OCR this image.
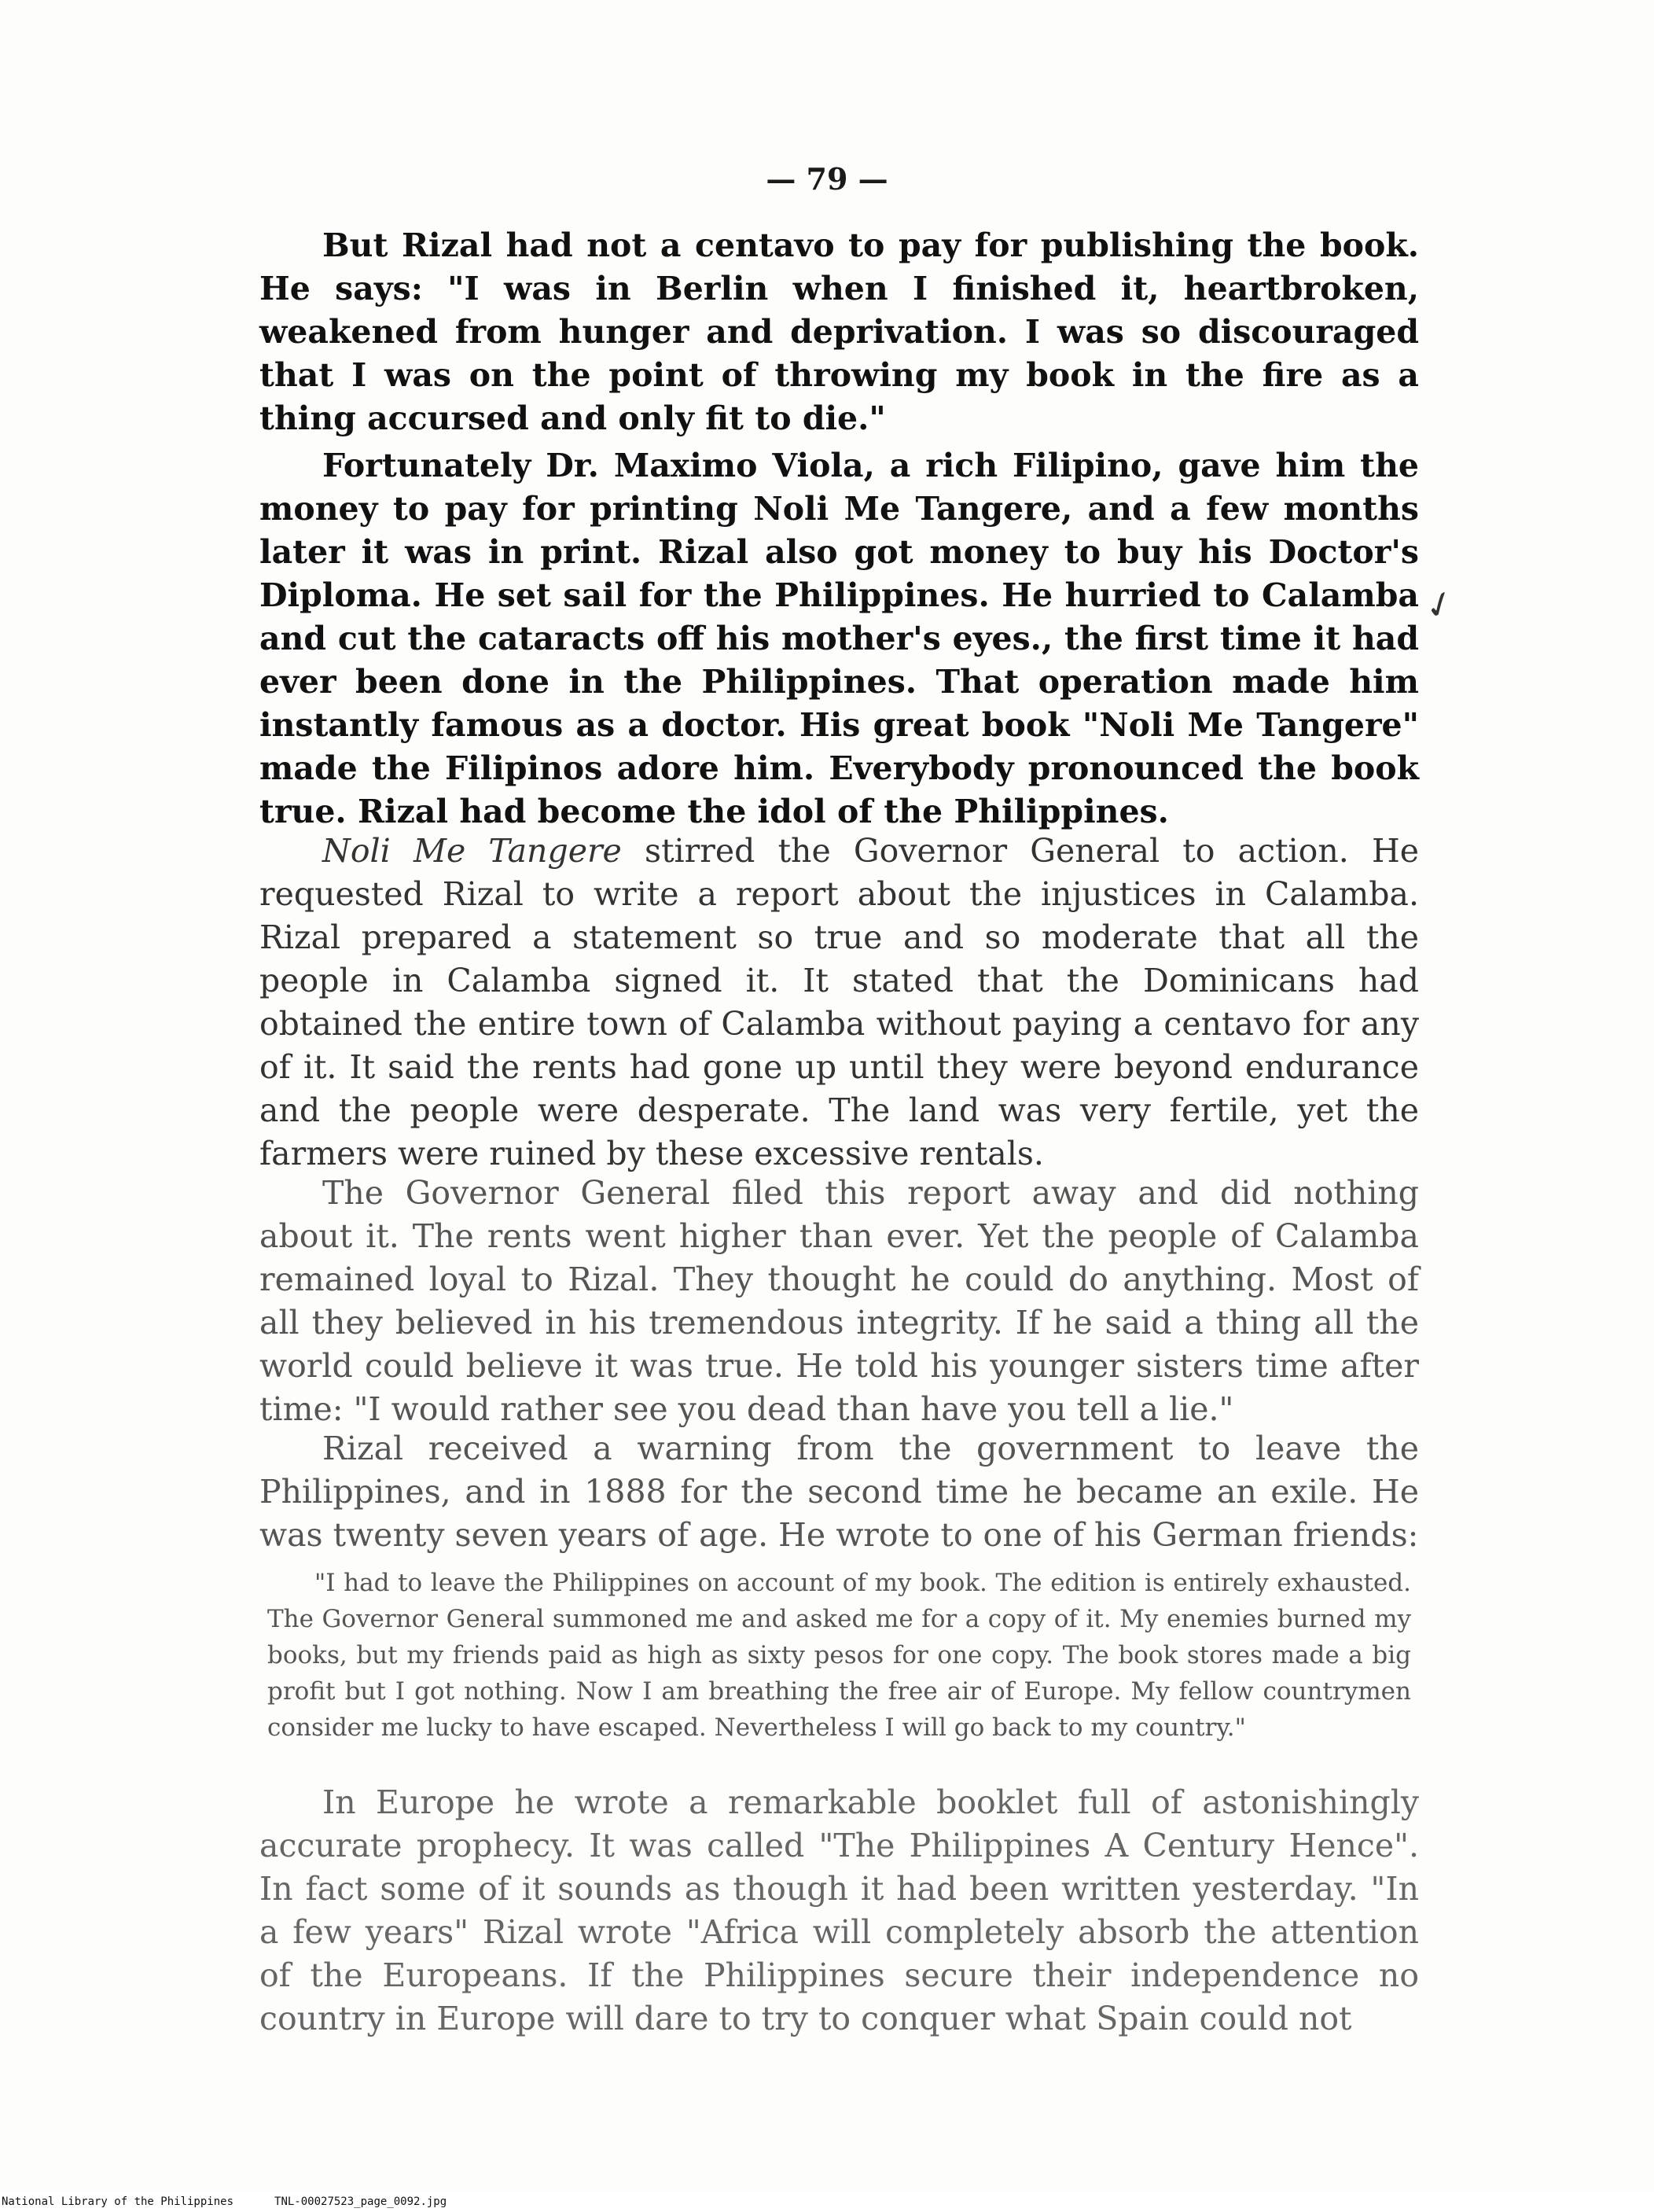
— 79 —

But Rizal had not a centavo to pay for publishing the book. He says: "I was in Berlin when I finished it, heartbroken, weakened from hunger and deprivation. I was so discouraged that I was on the point of throwing my book in the fire as a thing accursed and only fit to die."

Fortunately Dr. Maximo Viola, a rich Filipino, gave him the money to pay for printing Noli Me Tangere, and a few months later it was in print. Rizal also got money to buy his Doctor's Diploma. He set sail for the Philippines. He hurried to Calamba and cut the cataracts off his mother's eyes., the first time it had ever been done in the Philippines. That operation made him instantly famous as a doctor. His great book "Noli Me Tangere" made the Filipinos adore him. Everybody pronounced the book true. Rizal had become the idol of the Philippines.

✓

Noli Me Tangere stirred the Governor General to action. He requested Rizal to write a report about the injustices in Calamba. Rizal prepared a statement so true and so moderate that all the people in Calamba signed it. It stated that the Dominicans had obtained the entire town of Calamba without paying a centavo for any of it. It said the rents had gone up until they were beyond endurance and the people were desperate. The land was very fertile, yet the farmers were ruined by these excessive rentals.

The Governor General filed this report away and did nothing about it. The rents went higher than ever. Yet the people of Calamba remained loyal to Rizal. They thought he could do anything. Most of all they believed in his tremendous integrity. If he said a thing all the world could believe it was true. He told his younger sisters time after time: "I would rather see you dead than have you tell a lie."

Rizal received a warning from the government to leave the Philippines, and in 1888 for the second time he became an exile. He was twenty seven years of age. He wrote to one of his German friends:

"I had to leave the Philippines on account of my book. The edition is entirely exhausted. The Governor General summoned me and asked me for a copy of it. My enemies burned my books, but my friends paid as high as sixty pesos for one copy. The book stores made a big profit but I got nothing. Now I am breathing the free air of Europe. My fellow countrymen consider me lucky to have escaped. Nevertheless I will go back to my country."

In Europe he wrote a remarkable booklet full of astonishingly accurate prophecy. It was called "The Philippines A Century Hence". In fact some of it sounds as though it had been written yesterday. "In a few years" Rizal wrote "Africa will completely absorb the attention of the Europeans. If the Philippines secure their independence no country in Europe will dare to try to conquer what Spain could not

National Library of the Philippines	TNL-00027523_page_0092.jpg
